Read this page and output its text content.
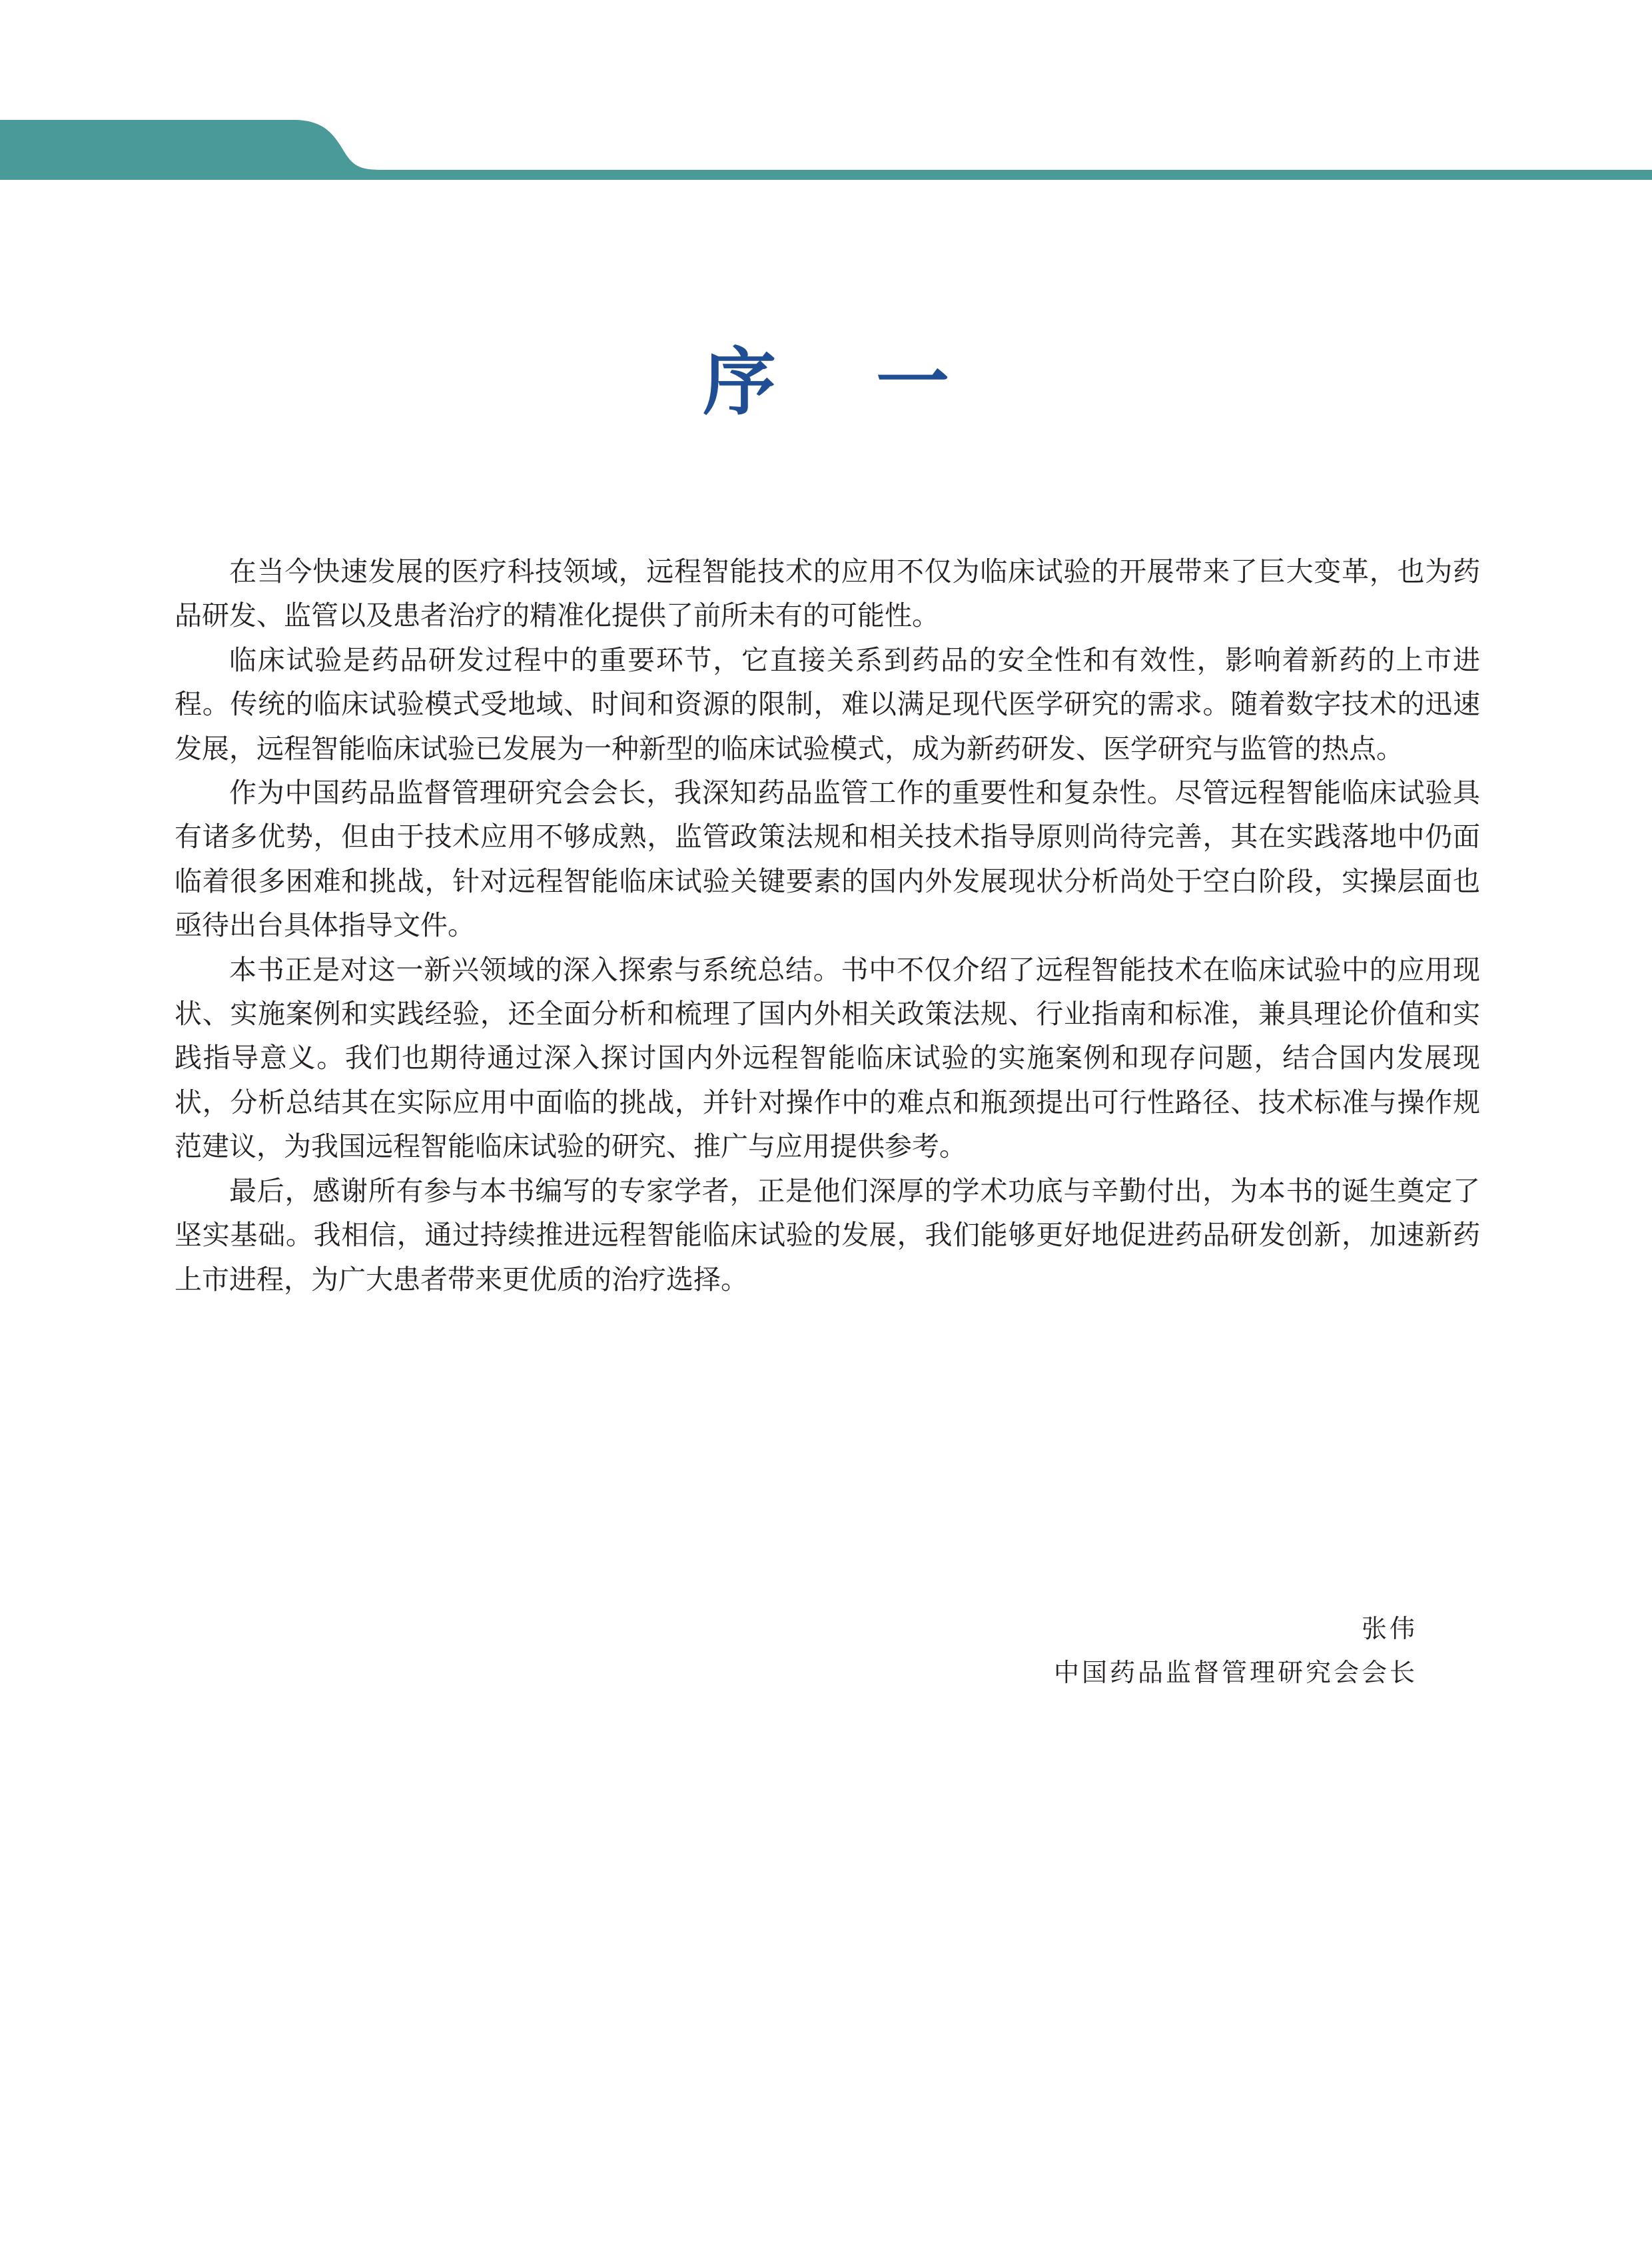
序 一

在当今快速发展的医疗科技领域，远程智能技术的应用不仅为临床试验的开展带来了巨大变革，也为药品研发、监管以及患者治疗的精准化提供了前所未有的可能性。

临床试验是药品研发过程中的重要环节，它直接关系到药品的安全性和有效性，影响着新药的上市进程。传统的临床试验模式受地域、时间和资源的限制，难以满足现代医学研究的需求。随着数字技术的迅速发展，远程智能临床试验已发展为一种新型的临床试验模式，成为新药研发、医学研究与监管的热点。

作为中国药品监督管理研究会会长，我深知药品监管工作的重要性和复杂性。尽管远程智能临床试验具有诸多优势，但由于技术应用不够成熟，监管政策法规和相关技术指导原则尚待完善，其在实践落地中仍面临着很多困难和挑战，针对远程智能临床试验关键要素的国内外发展现状分析尚处于空白阶段，实操层面也亟待出台具体指导文件。

本书正是对这一新兴领域的深入探索与系统总结。书中不仅介绍了远程智能技术在临床试验中的应用现状、实施案例和实践经验，还全面分析和梳理了国内外相关政策法规、行业指南和标准，兼具理论价值和实践指导意义。我们也期待通过深入探讨国内外远程智能临床试验的实施案例和现存问题，结合国内发展现状，分析总结其在实际应用中面临的挑战，并针对操作中的难点和瓶颈提出可行性路径、技术标准与操作规范建议，为我国远程智能临床试验的研究、推广与应用提供参考。

最后，感谢所有参与本书编写的专家学者，正是他们深厚的学术功底与辛勤付出，为本书的诞生奠定了坚实基础。我相信，通过持续推进远程智能临床试验的发展，我们能够更好地促进药品研发创新，加速新药上市进程，为广大患者带来更优质的治疗选择。

张伟
中国药品监督管理研究会会长
